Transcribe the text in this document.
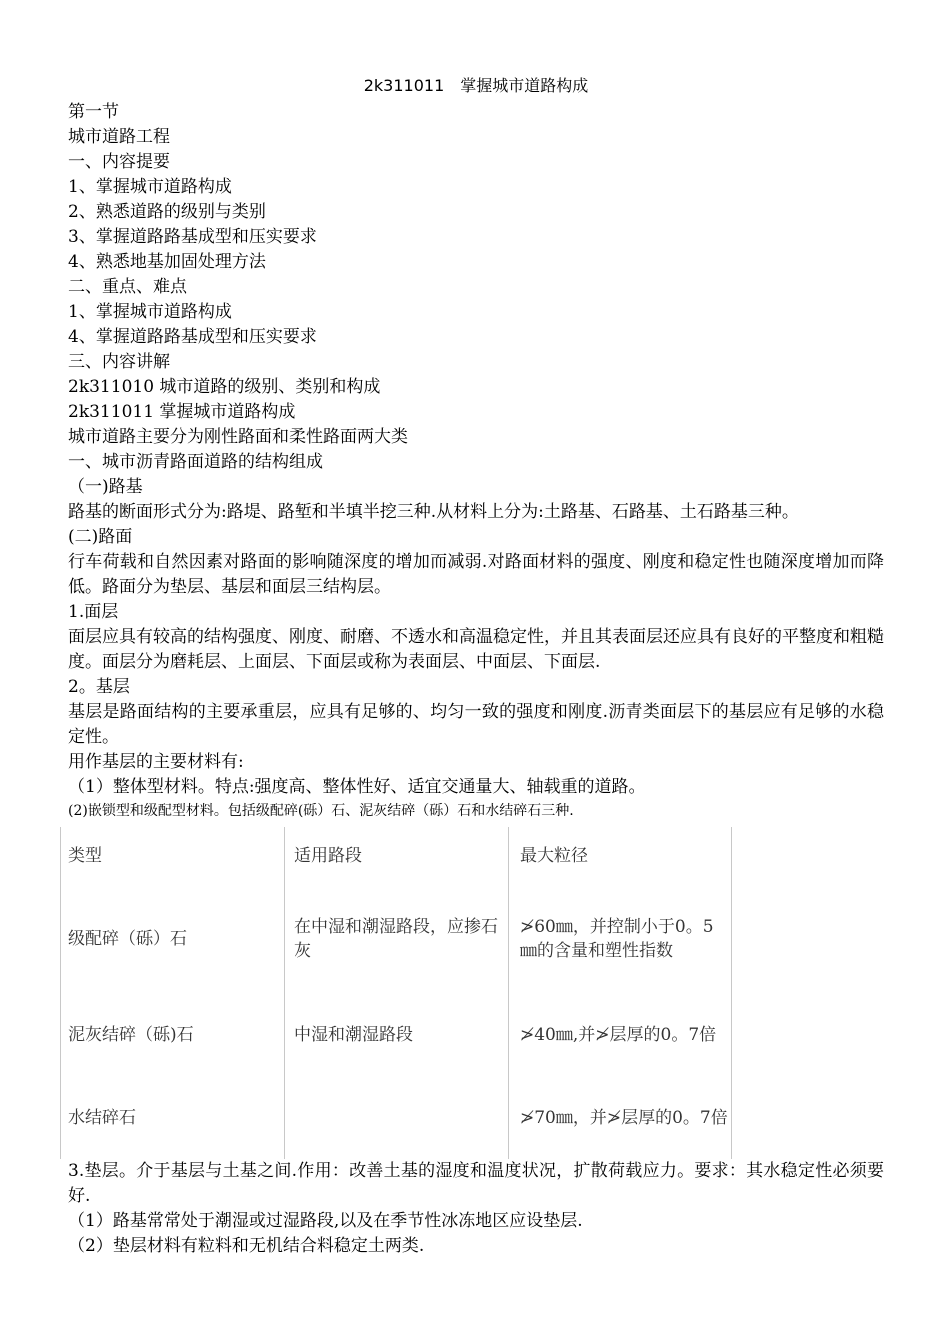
2k311011　掌握城市道路构成
第一节
城市道路工程
一、内容提要
1、掌握城市道路构成
2、熟悉道路的级别与类别
3、掌握道路路基成型和压实要求
4、熟悉地基加固处理方法
二、重点、难点
1、掌握城市道路构成
4、掌握道路路基成型和压实要求
三、内容讲解
2k311010 城市道路的级别、类别和构成
2k311011 掌握城市道路构成
城市道路主要分为刚性路面和柔性路面两大类
一、城市沥青路面道路的结构组成
（一)路基
路基的断面形式分为:路堤、路堑和半填半挖三种.从材料上分为:土路基、石路基、土石路基三种。
(二)路面
行车荷载和自然因素对路面的影响随深度的增加而减弱.对路面材料的强度、刚度和稳定性也随深度增加而降低。路面分为垫层、基层和面层三结构层。
1.面层
面层应具有较高的结构强度、刚度、耐磨、不透水和高温稳定性，并且其表面层还应具有良好的平整度和粗糙度。面层分为磨耗层、上面层、下面层或称为表面层、中面层、下面层.
2。基层
基层是路面结构的主要承重层，应具有足够的、均匀一致的强度和刚度.沥青类面层下的基层应有足够的水稳定性。
用作基层的主要材料有:
（1）整体型材料。特点:强度高、整体性好、适宜交通量大、轴载重的道路。
(2)嵌锁型和级配型材料。包括级配碎(砾）石、泥灰结碎（砾）石和水结碎石三种.
类型	适用路段	最大粒径
级配碎（砾）石	在中湿和潮湿路段，应掺石灰	≯60㎜，并控制小于0。5㎜的含量和塑性指数
泥灰结碎（砾)石	中湿和潮湿路段	≯40㎜,并≯层厚的0。7倍
水结碎石		≯70㎜，并≯层厚的0。7倍
3.垫层。介于基层与土基之间.作用：改善土基的湿度和温度状况，扩散荷载应力。要求：其水稳定性必须要好.
（1）路基常常处于潮湿或过湿路段,以及在季节性冰冻地区应设垫层.
（2）垫层材料有粒料和无机结合料稳定土两类.
